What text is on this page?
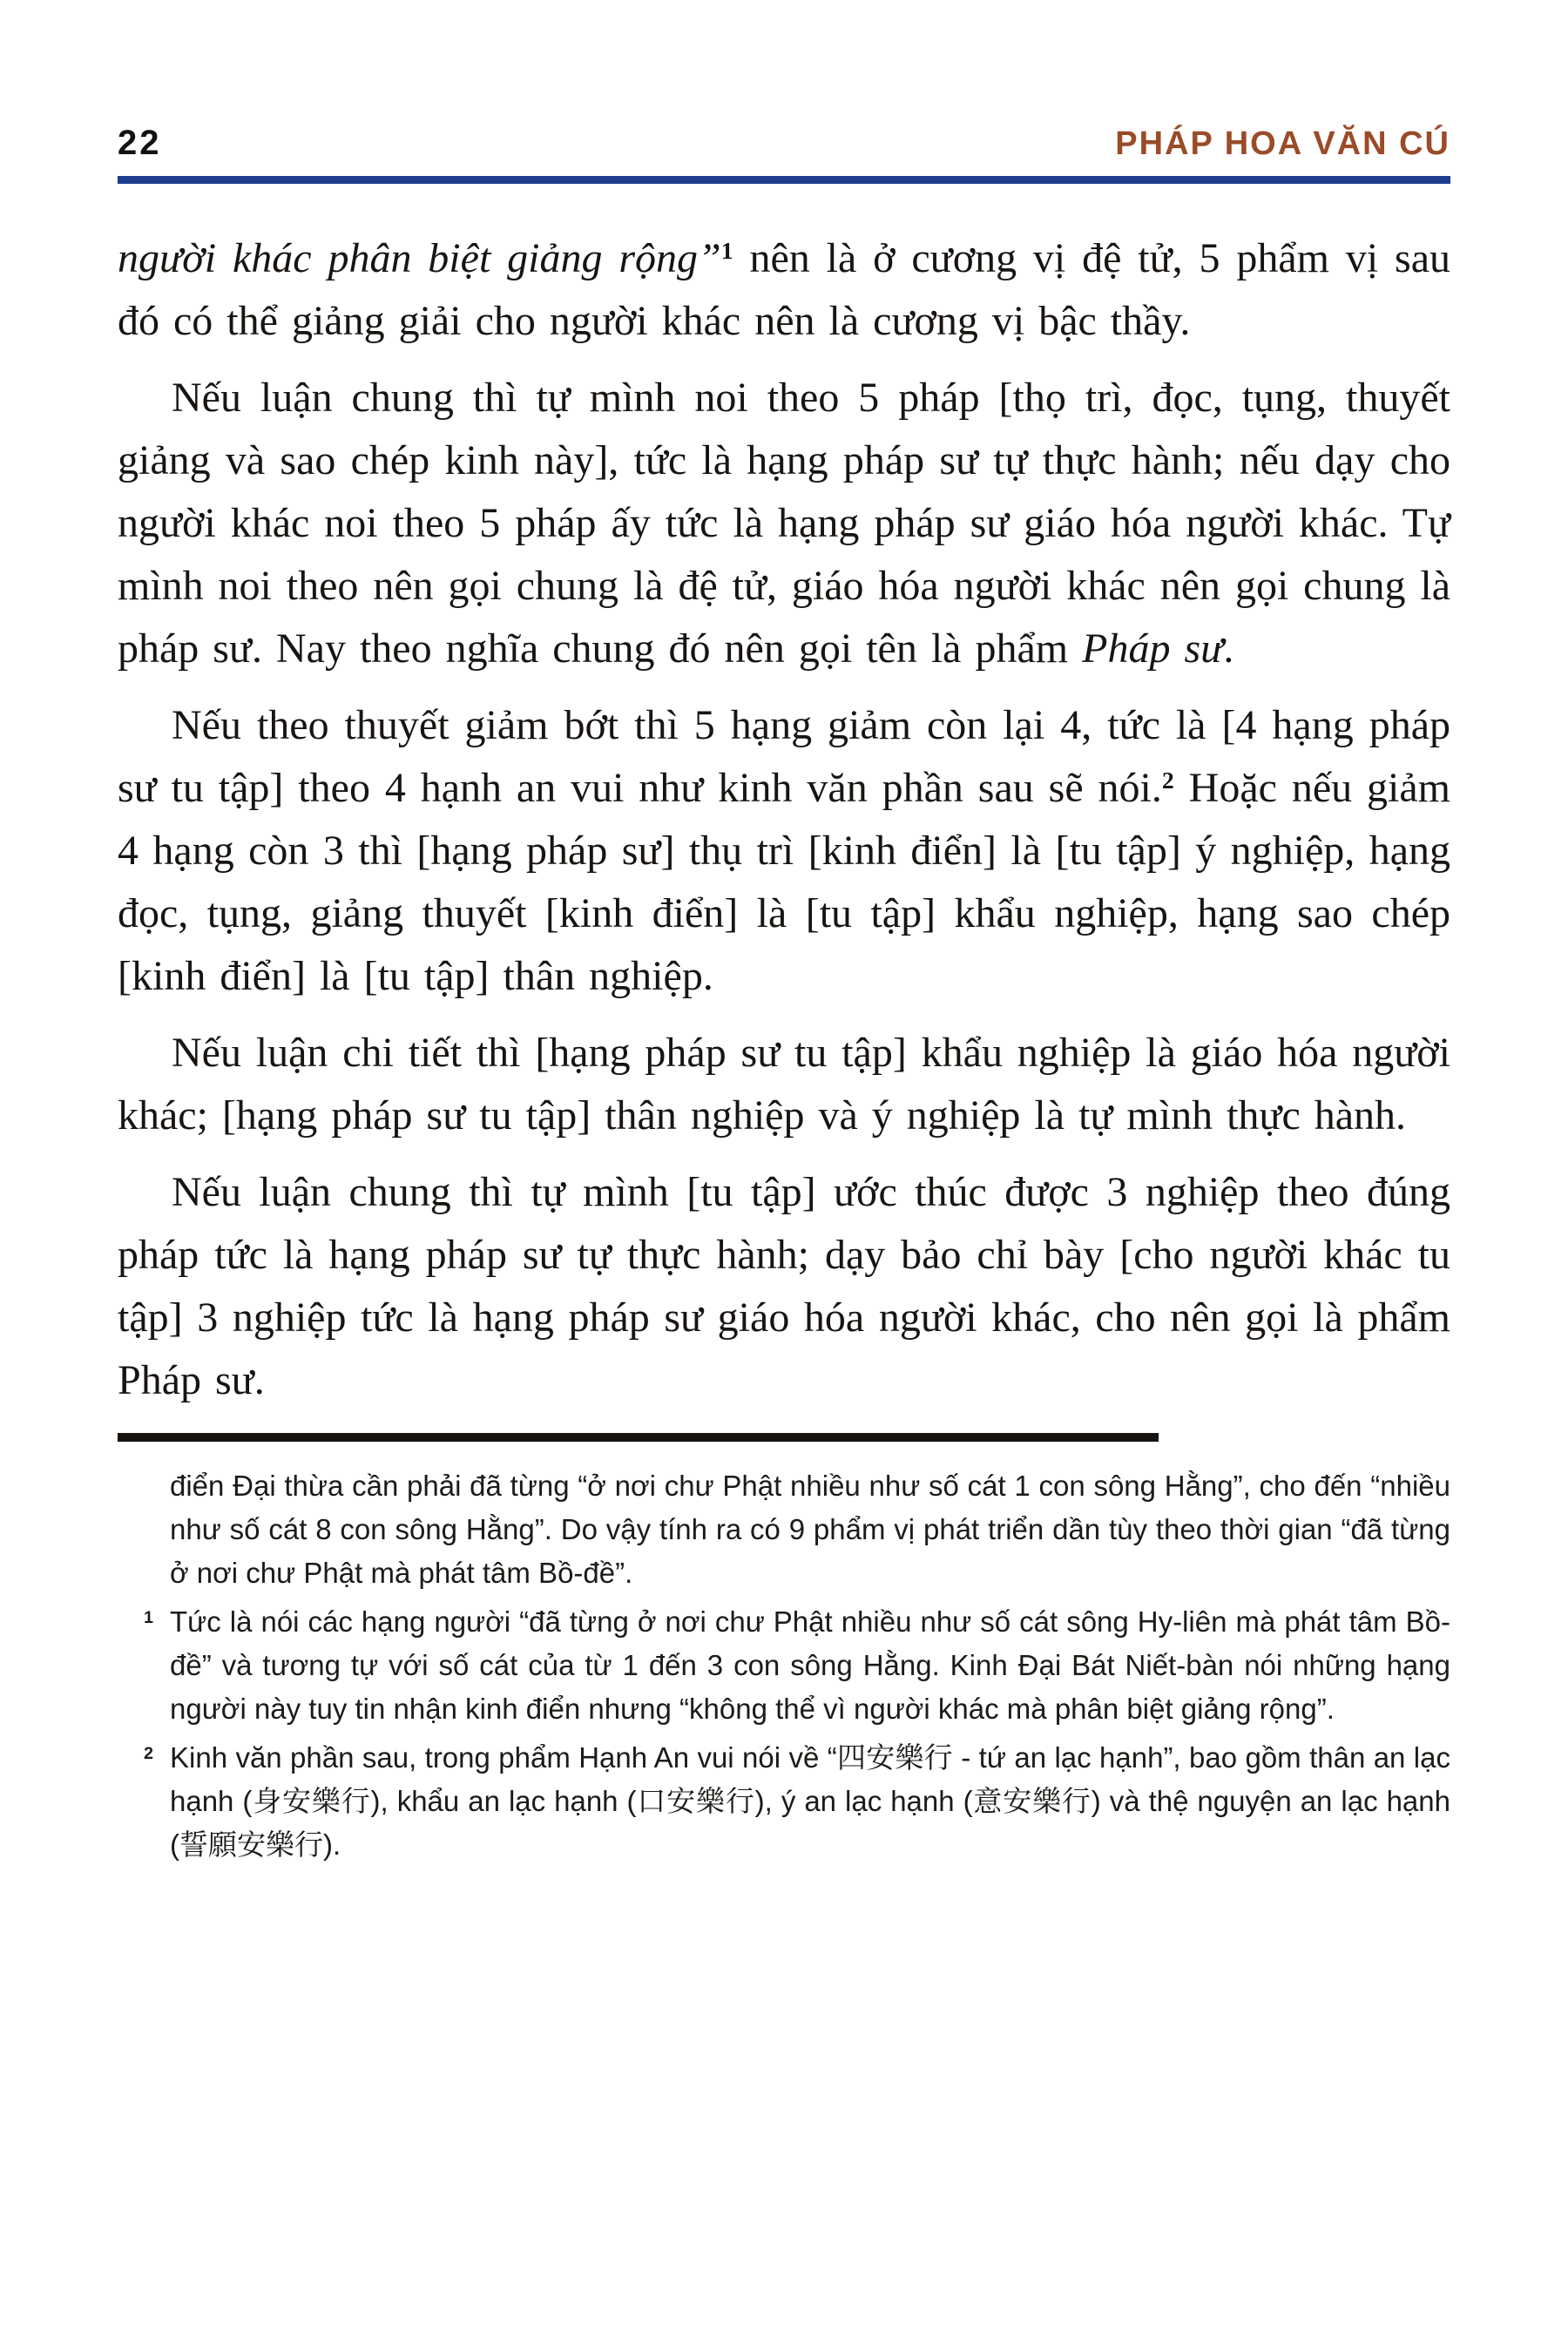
22	PHÁP HOA VĂN CÚ

người khác phân biệt giảng rộng”$^1$ nên là ở cương vị đệ tử, 5 phẩm vị sau đó có thể giảng giải cho người khác nên là cương vị bậc thầy.

Nếu luận chung thì tự mình noi theo 5 pháp [thọ trì, đọc, tụng, thuyết giảng và sao chép kinh này], tức là hạng pháp sư tự thực hành; nếu dạy cho người khác noi theo 5 pháp ấy tức là hạng pháp sư giáo hóa người khác. Tự mình noi theo nên gọi chung là đệ tử, giáo hóa người khác nên gọi chung là pháp sư. Nay theo nghĩa chung đó nên gọi tên là phẩm Pháp sư.

Nếu theo thuyết giảm bớt thì 5 hạng giảm còn lại 4, tức là [4 hạng pháp sư tu tập] theo 4 hạnh an vui như kinh văn phần sau sẽ nói.$^2$ Hoặc nếu giảm 4 hạng còn 3 thì [hạng pháp sư] thụ trì [kinh điển] là [tu tập] ý nghiệp, hạng đọc, tụng, giảng thuyết [kinh điển] là [tu tập] khẩu nghiệp, hạng sao chép [kinh điển] là [tu tập] thân nghiệp.

Nếu luận chi tiết thì [hạng pháp sư tu tập] khẩu nghiệp là giáo hóa người khác; [hạng pháp sư tu tập] thân nghiệp và ý nghiệp là tự mình thực hành.

Nếu luận chung thì tự mình [tu tập] ước thúc được 3 nghiệp theo đúng pháp tức là hạng pháp sư tự thực hành; dạy bảo chỉ bày [cho người khác tu tập] 3 nghiệp tức là hạng pháp sư giáo hóa người khác, cho nên gọi là phẩm Pháp sư.

điển Đại thừa cần phải đã từng “ở nơi chư Phật nhiều như số cát 1 con sông Hằng”, cho đến “nhiều như số cát 8 con sông Hằng”. Do vậy tính ra có 9 phẩm vị phát triển dần tùy theo thời gian “đã từng ở nơi chư Phật mà phát tâm Bồ-đề”.
$^1$ Tức là nói các hạng người “đã từng ở nơi chư Phật nhiều như số cát sông Hy-liên mà phát tâm Bồ-đề” và tương tự với số cát của từ 1 đến 3 con sông Hằng. Kinh Đại Bát Niết-bàn nói những hạng người này tuy tin nhận kinh điển nhưng “không thể vì người khác mà phân biệt giảng rộng”.
$^2$ Kinh văn phần sau, trong phẩm Hạnh An vui nói về “四安樂行 - tứ an lạc hạnh”, bao gồm thân an lạc hạnh (身安樂行), khẩu an lạc hạnh (口安樂行), ý an lạc hạnh (意安樂行) và thệ nguyện an lạc hạnh (誓願安樂行).
